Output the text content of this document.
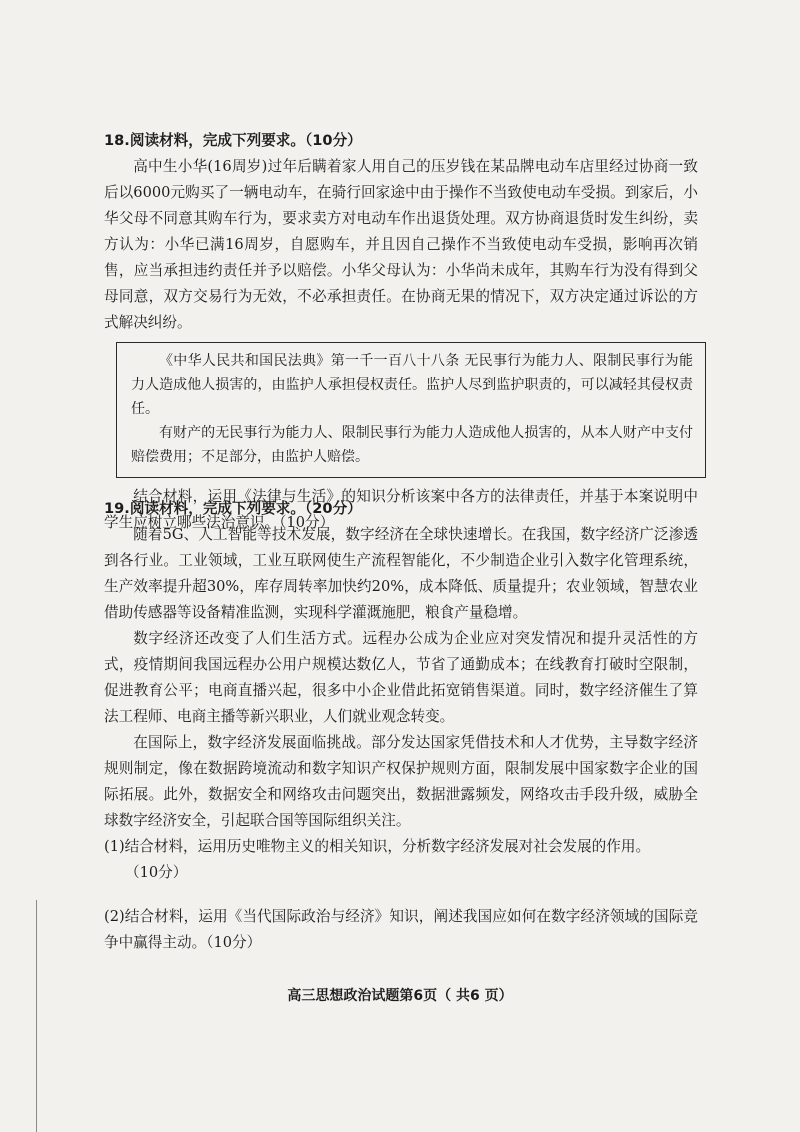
18.阅读材料，完成下列要求。（10分）

高中生小华(16周岁)过年后瞒着家人用自己的压岁钱在某品牌电动车店里经过协商一致后以6000元购买了一辆电动车，在骑行回家途中由于操作不当致使电动车受损。到家后，小华父母不同意其购车行为，要求卖方对电动车作出退货处理。双方协商退货时发生纠纷，卖方认为：小华已满16周岁，自愿购车，并且因自己操作不当致使电动车受损，影响再次销售，应当承担违约责任并予以赔偿。小华父母认为：小华尚未成年，其购车行为没有得到父母同意，双方交易行为无效，不必承担责任。在协商无果的情况下，双方决定通过诉讼的方式解决纠纷。

《中华人民共和国民法典》第一千一百八十八条 无民事行为能力人、限制民事行为能力人造成他人损害的，由监护人承担侵权责任。监护人尽到监护职责的，可以减轻其侵权责任。

有财产的无民事行为能力人、限制民事行为能力人造成他人损害的，从本人财产中支付赔偿费用；不足部分，由监护人赔偿。

结合材料，运用《法律与生活》的知识分析该案中各方的法律责任，并基于本案说明中学生应树立哪些法治意识。（10分）

19.阅读材料，完成下列要求。（20分）

随着5G、人工智能等技术发展，数字经济在全球快速增长。在我国，数字经济广泛渗透到各行业。工业领域，工业互联网使生产流程智能化，不少制造企业引入数字化管理系统，生产效率提升超30%，库存周转率加快约20%，成本降低、质量提升；农业领域，智慧农业借助传感器等设备精准监测，实现科学灌溉施肥，粮食产量稳增。

数字经济还改变了人们生活方式。远程办公成为企业应对突发情况和提升灵活性的方式，疫情期间我国远程办公用户规模达数亿人，节省了通勤成本；在线教育打破时空限制，促进教育公平；电商直播兴起，很多中小企业借此拓宽销售渠道。同时，数字经济催生了算法工程师、电商主播等新兴职业，人们就业观念转变。

在国际上，数字经济发展面临挑战。部分发达国家凭借技术和人才优势，主导数字经济规则制定，像在数据跨境流动和数字知识产权保护规则方面，限制发展中国家数字企业的国际拓展。此外，数据安全和网络攻击问题突出，数据泄露频发，网络攻击手段升级，威胁全球数字经济安全，引起联合国等国际组织关注。

(1)结合材料，运用历史唯物主义的相关知识，分析数字经济发展对社会发展的作用。

（10分）

(2)结合材料，运用《当代国际政治与经济》知识，阐述我国应如何在数字经济领域的国际竞争中赢得主动。（10分）

高三思想政治试题第6页（ 共6 页）
